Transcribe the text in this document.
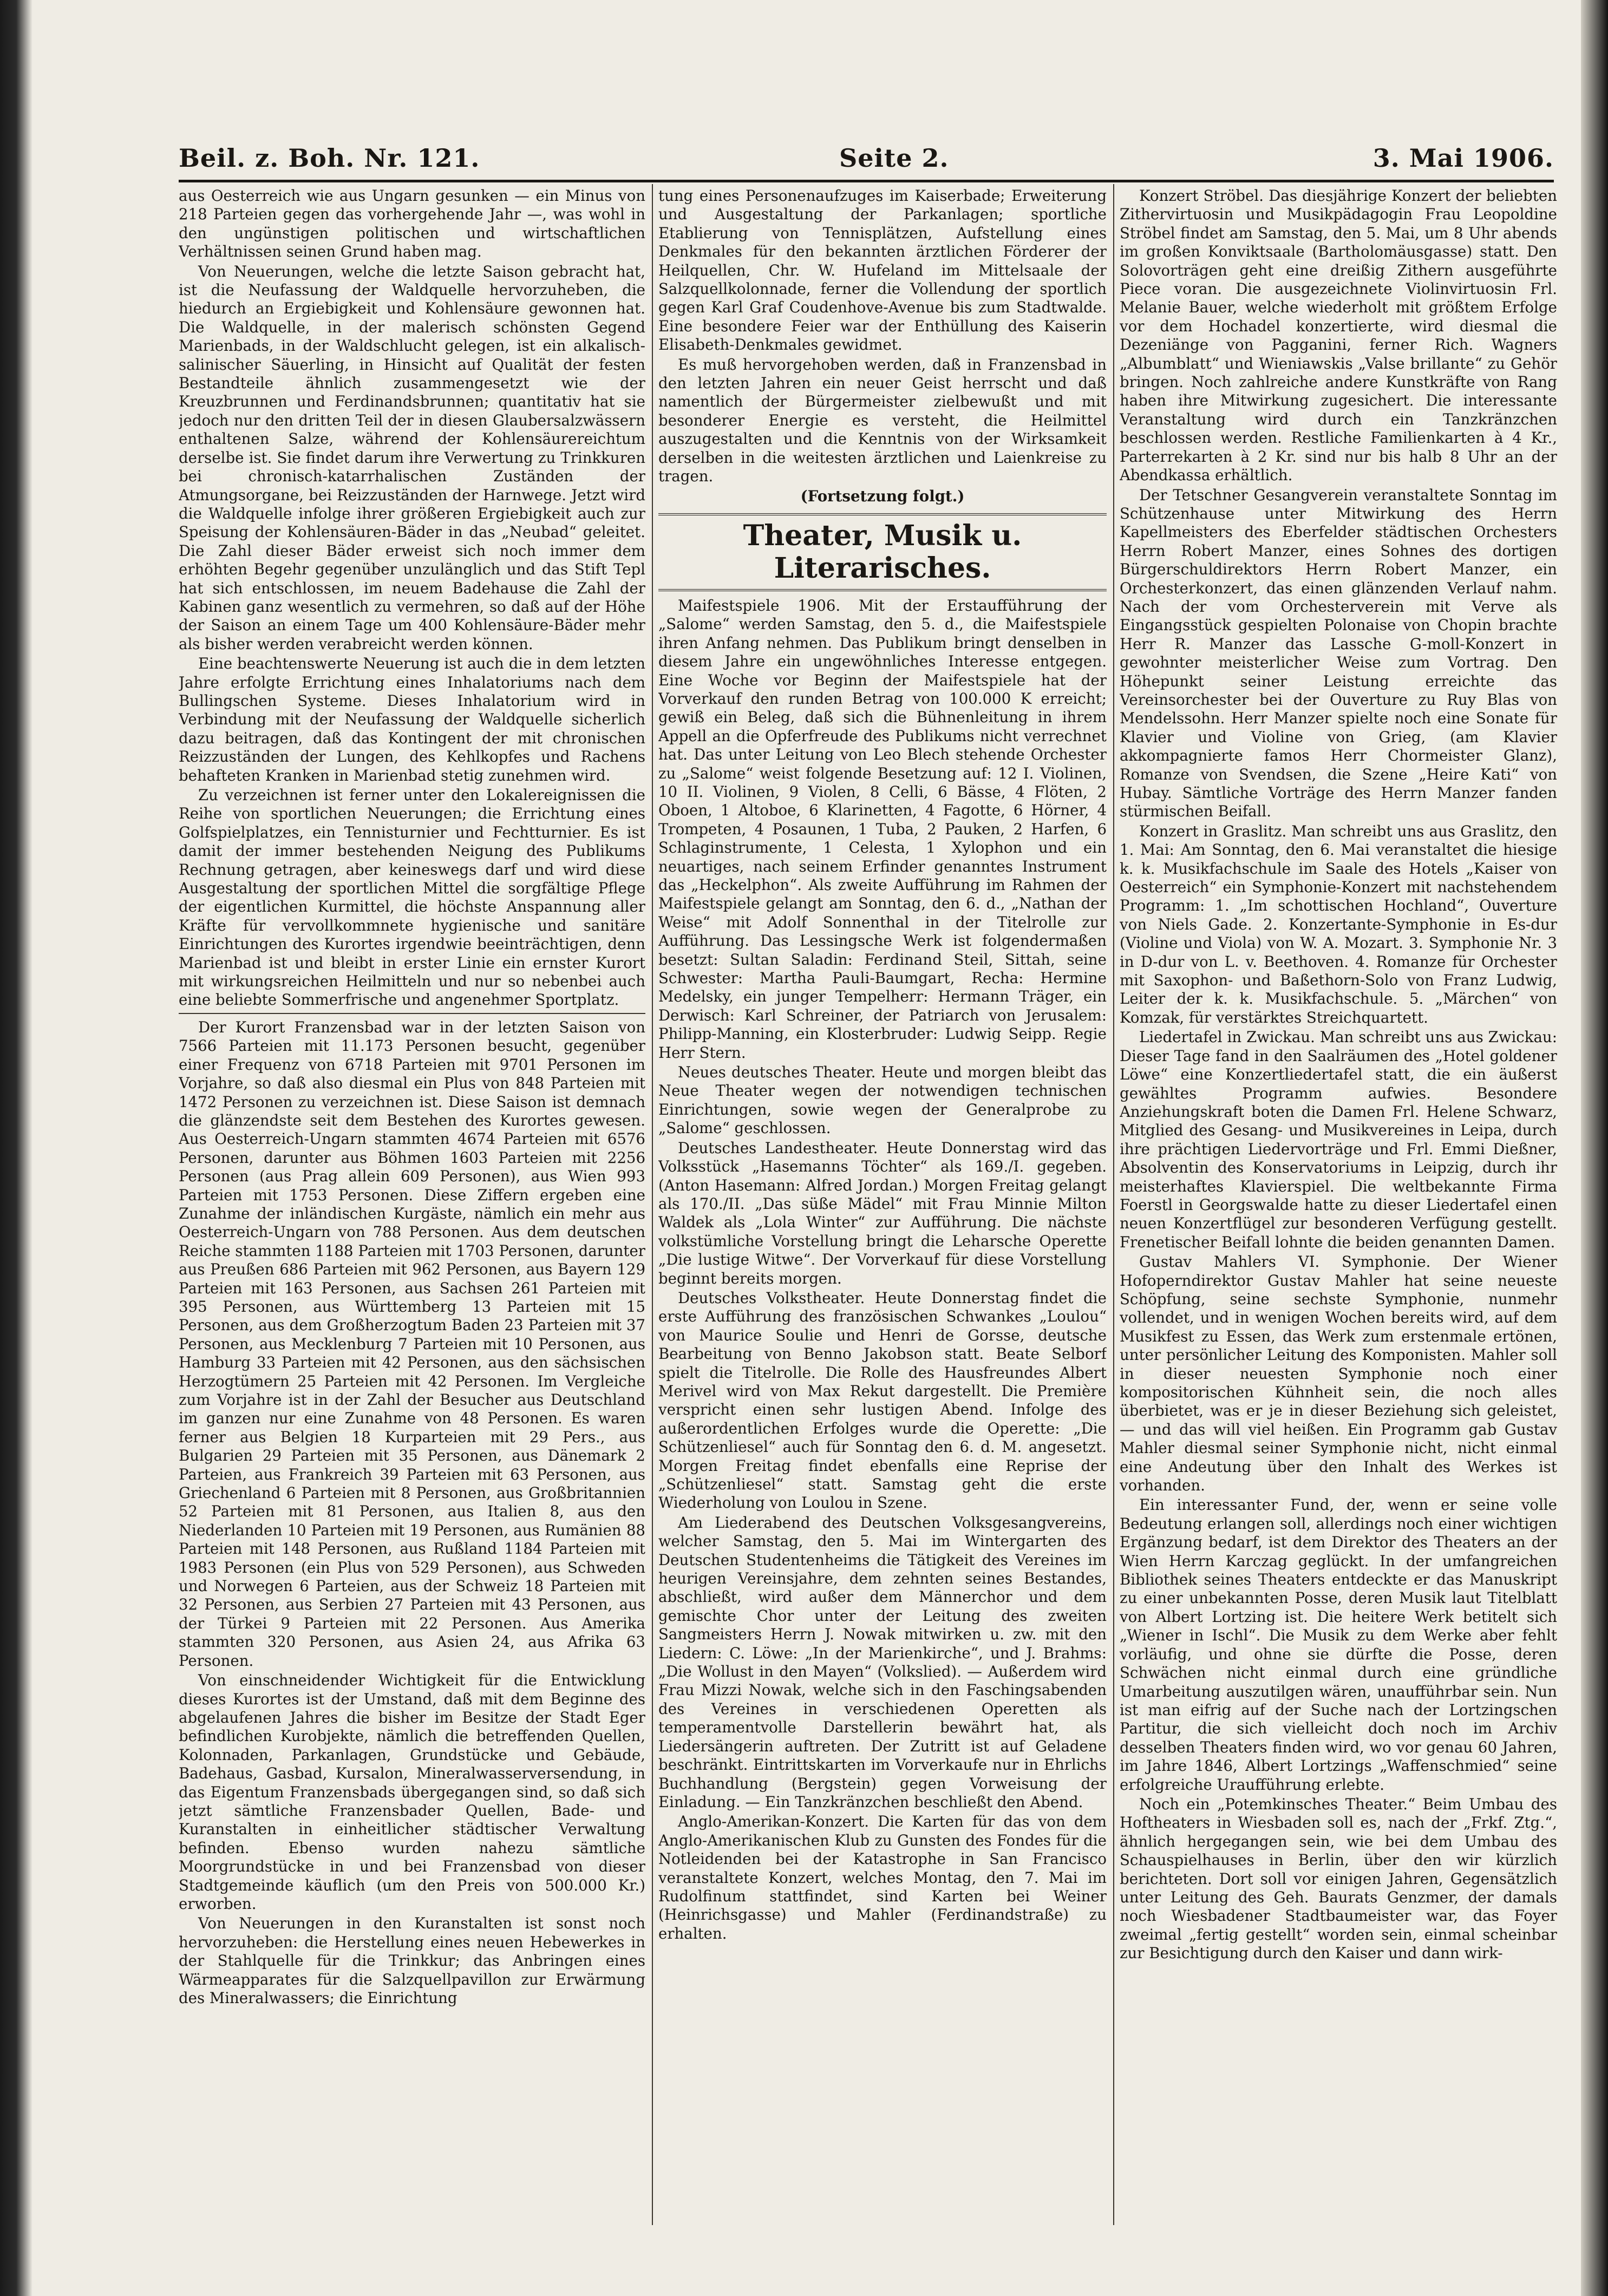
Beil. z. Boh. Nr. 121.	Seite 2.	3. Mai 1906.

aus Oesterreich wie aus Ungarn gesunken — ein Minus von 218 Parteien gegen das vorhergehende Jahr —, was wohl in den ungünstigen politischen und wirtschaftlichen Verhältnissen seinen Grund haben mag.

Von Neuerungen, welche die letzte Saison gebracht hat, ist die Neufassung der Waldquelle hervorzuheben, die hiedurch an Ergiebigkeit und Kohlensäure gewonnen hat. Die Waldquelle, in der malerisch schönsten Gegend Marienbads, in der Waldschlucht gelegen, ist ein alkalisch-salinischer Säuerling, in Hinsicht auf Qualität der festen Bestandteile ähnlich zusammengesetzt wie der Kreuzbrunnen und Ferdinandsbrunnen; quantitativ hat sie jedoch nur den dritten Teil der in diesen Glaubersalzwässern enthaltenen Salze, während der Kohlensäurereichtum derselbe ist. Sie findet darum ihre Verwertung zu Trinkkuren bei chronisch-katarrhalischen Zuständen der Atmungsorgane, bei Reizzuständen der Harnwege. Jetzt wird die Waldquelle infolge ihrer größeren Ergiebigkeit auch zur Speisung der Kohlensäuren-Bäder in das „Neubad“ geleitet. Die Zahl dieser Bäder erweist sich noch immer dem erhöhten Begehr gegenüber unzulänglich und das Stift Tepl hat sich entschlossen, im neuem Badehause die Zahl der Kabinen ganz wesentlich zu vermehren, so daß auf der Höhe der Saison an einem Tage um 400 Kohlensäure-Bäder mehr als bisher werden verabreicht werden können.

Eine beachtenswerte Neuerung ist auch die in dem letzten Jahre erfolgte Errichtung eines Inhalatoriums nach dem Bullingschen Systeme. Dieses Inhalatorium wird in Verbindung mit der Neufassung der Waldquelle sicherlich dazu beitragen, daß das Kontingent der mit chronischen Reizzuständen der Lungen, des Kehlkopfes und Rachens behafteten Kranken in Marienbad stetig zunehmen wird.

Zu verzeichnen ist ferner unter den Lokalereignissen die Reihe von sportlichen Neuerungen; die Errichtung eines Golfspielplatzes, ein Tennisturnier und Fechtturnier. Es ist damit der immer bestehenden Neigung des Publikums Rechnung getragen, aber keineswegs darf und wird diese Ausgestaltung der sportlichen Mittel die sorgfältige Pflege der eigentlichen Kurmittel, die höchste Anspannung aller Kräfte für vervollkommnete hygienische und sanitäre Einrichtungen des Kurortes irgendwie beeinträchtigen, denn Marienbad ist und bleibt in erster Linie ein ernster Kurort mit wirkungsreichen Heilmitteln und nur so nebenbei auch eine beliebte Sommerfrische und angenehmer Sportplatz.

Der Kurort Franzensbad war in der letzten Saison von 7566 Parteien mit 11.173 Personen besucht, gegenüber einer Frequenz von 6718 Parteien mit 9701 Personen im Vorjahre, so daß also diesmal ein Plus von 848 Parteien mit 1472 Personen zu verzeichnen ist. Diese Saison ist demnach die glänzendste seit dem Bestehen des Kurortes gewesen. Aus Oesterreich-Ungarn stammten 4674 Parteien mit 6576 Personen, darunter aus Böhmen 1603 Parteien mit 2256 Personen (aus Prag allein 609 Personen), aus Wien 993 Parteien mit 1753 Personen. Diese Ziffern ergeben eine Zunahme der inländischen Kurgäste, nämlich ein mehr aus Oesterreich-Ungarn von 788 Personen. Aus dem deutschen Reiche stammten 1188 Parteien mit 1703 Personen, darunter aus Preußen 686 Parteien mit 962 Personen, aus Bayern 129 Parteien mit 163 Personen, aus Sachsen 261 Parteien mit 395 Personen, aus Württemberg 13 Parteien mit 15 Personen, aus dem Großherzogtum Baden 23 Parteien mit 37 Personen, aus Mecklenburg 7 Parteien mit 10 Personen, aus Hamburg 33 Parteien mit 42 Personen, aus den sächsischen Herzogtümern 25 Parteien mit 42 Personen. Im Vergleiche zum Vorjahre ist in der Zahl der Besucher aus Deutschland im ganzen nur eine Zunahme von 48 Personen. Es waren ferner aus Belgien 18 Kurparteien mit 29 Pers., aus Bulgarien 29 Parteien mit 35 Personen, aus Dänemark 2 Parteien, aus Frankreich 39 Parteien mit 63 Personen, aus Griechenland 6 Parteien mit 8 Personen, aus Großbritannien 52 Parteien mit 81 Personen, aus Italien 8, aus den Niederlanden 10 Parteien mit 19 Personen, aus Rumänien 88 Parteien mit 148 Personen, aus Rußland 1184 Parteien mit 1983 Personen (ein Plus von 529 Personen), aus Schweden und Norwegen 6 Parteien, aus der Schweiz 18 Parteien mit 32 Personen, aus Serbien 27 Parteien mit 43 Personen, aus der Türkei 9 Parteien mit 22 Personen. Aus Amerika stammten 320 Personen, aus Asien 24, aus Afrika 63 Personen.

Von einschneidender Wichtigkeit für die Entwicklung dieses Kurortes ist der Umstand, daß mit dem Beginne des abgelaufenen Jahres die bisher im Besitze der Stadt Eger befindlichen Kurobjekte, nämlich die betreffenden Quellen, Kolonnaden, Parkanlagen, Grundstücke und Gebäude, Badehaus, Gasbad, Kursalon, Mineralwasserversendung, in das Eigentum Franzensbads übergegangen sind, so daß sich jetzt sämtliche Franzensbader Quellen, Bade- und Kuranstalten in einheitlicher städtischer Verwaltung befinden. Ebenso wurden nahezu sämtliche Moorgrundstücke in und bei Franzensbad von dieser Stadtgemeinde käuflich (um den Preis von 500.000 Kr.) erworben.

Von Neuerungen in den Kuranstalten ist sonst noch hervorzuheben: die Herstellung eines neuen Hebewerkes in der Stahlquelle für die Trinkkur; das Anbringen eines Wärmeapparates für die Salzquellpavillon zur Erwärmung des Mineralwassers; die Einrichtung

tung eines Personenaufzuges im Kaiserbade; Erweiterung und Ausgestaltung der Parkanlagen; sportliche Etablierung von Tennisplätzen, Aufstellung eines Denkmales für den bekannten ärztlichen Förderer der Heilquellen, Chr. W. Hufeland im Mittelsaale der Salzquellkolonnade, ferner die Vollendung der sportlich gegen Karl Graf Coudenhove-Avenue bis zum Stadtwalde. Eine besondere Feier war der Enthüllung des Kaiserin Elisabeth-Denkmales gewidmet.

Es muß hervorgehoben werden, daß in Franzensbad in den letzten Jahren ein neuer Geist herrscht und daß namentlich der Bürgermeister zielbewußt und mit besonderer Energie es versteht, die Heilmittel auszugestalten und die Kenntnis von der Wirksamkeit derselben in die weitesten ärztlichen und Laienkreise zu tragen.

(Fortsetzung folgt.)

Theater, Musik u. Literarisches.

Maifestspiele 1906. Mit der Erstaufführung der „Salome“ werden Samstag, den 5. d., die Maifestspiele ihren Anfang nehmen. Das Publikum bringt denselben in diesem Jahre ein ungewöhnliches Interesse entgegen. Eine Woche vor Beginn der Maifestspiele hat der Vorverkauf den runden Betrag von 100.000 K erreicht; gewiß ein Beleg, daß sich die Bühnenleitung in ihrem Appell an die Opferfreude des Publikums nicht verrechnet hat. Das unter Leitung von Leo Blech stehende Orchester zu „Salome“ weist folgende Besetzung auf: 12 I. Violinen, 10 II. Violinen, 9 Violen, 8 Celli, 6 Bässe, 4 Flöten, 2 Oboen, 1 Altoboe, 6 Klarinetten, 4 Fagotte, 6 Hörner, 4 Trompeten, 4 Posaunen, 1 Tuba, 2 Pauken, 2 Harfen, 6 Schlaginstrumente, 1 Celesta, 1 Xylophon und ein neuartiges, nach seinem Erfinder genanntes Instrument das „Heckelphon“. Als zweite Aufführung im Rahmen der Maifestspiele gelangt am Sonntag, den 6. d., „Nathan der Weise“ mit Adolf Sonnenthal in der Titelrolle zur Aufführung. Das Lessingsche Werk ist folgendermaßen besetzt: Sultan Saladin: Ferdinand Steil, Sittah, seine Schwester: Martha Pauli-Baumgart, Recha: Hermine Medelsky, ein junger Tempelherr: Hermann Träger, ein Derwisch: Karl Schreiner, der Patriarch von Jerusalem: Philipp-Manning, ein Klosterbruder: Ludwig Seipp. Regie Herr Stern.

Neues deutsches Theater. Heute und morgen bleibt das Neue Theater wegen der notwendigen technischen Einrichtungen, sowie wegen der Generalprobe zu „Salome“ geschlossen.

Deutsches Landestheater. Heute Donnerstag wird das Volksstück „Hasemanns Töchter“ als 169./I. gegeben. (Anton Hasemann: Alfred Jordan.) Morgen Freitag gelangt als 170./II. „Das süße Mädel“ mit Frau Minnie Milton Waldek als „Lola Winter“ zur Aufführung. Die nächste volkstümliche Vorstellung bringt die Leharsche Operette „Die lustige Witwe“. Der Vorverkauf für diese Vorstellung beginnt bereits morgen.

Deutsches Volkstheater. Heute Donnerstag findet die erste Aufführung des französischen Schwankes „Loulou“ von Maurice Soulie und Henri de Gorsse, deutsche Bearbeitung von Benno Jakobson statt. Beate Selborf spielt die Titelrolle. Die Rolle des Hausfreundes Albert Merivel wird von Max Rekut dargestellt. Die Première verspricht einen sehr lustigen Abend. Infolge des außerordentlichen Erfolges wurde die Operette: „Die Schützenliesel“ auch für Sonntag den 6. d. M. angesetzt. Morgen Freitag findet ebenfalls eine Reprise der „Schützenliesel“ statt. Samstag geht die erste Wiederholung von Loulou in Szene.

Am Liederabend des Deutschen Volksgesangvereins, welcher Samstag, den 5. Mai im Wintergarten des Deutschen Studentenheims die Tätigkeit des Vereines im heurigen Vereinsjahre, dem zehnten seines Bestandes, abschließt, wird außer dem Männerchor und dem gemischte Chor unter der Leitung des zweiten Sangmeisters Herrn J. Nowak mitwirken u. zw. mit den Liedern: C. Löwe: „In der Marienkirche“, und J. Brahms: „Die Wollust in den Mayen“ (Volkslied). — Außerdem wird Frau Mizzi Nowak, welche sich in den Faschingsabenden des Vereines in verschiedenen Operetten als temperamentvolle Darstellerin bewährt hat, als Liedersängerin auftreten. Der Zutritt ist auf Geladene beschränkt. Eintrittskarten im Vorverkaufe nur in Ehrlichs Buchhandlung (Bergstein) gegen Vorweisung der Einladung. — Ein Tanzkränzchen beschließt den Abend.

Anglo-Amerikan-Konzert. Die Karten für das von dem Anglo-Amerikanischen Klub zu Gunsten des Fondes für die Notleidenden bei der Katastrophe in San Francisco veranstaltete Konzert, welches Montag, den 7. Mai im Rudolfinum stattfindet, sind Karten bei Weiner (Heinrichsgasse) und Mahler (Ferdinandstraße) zu erhalten.

Konzert Ströbel. Das diesjährige Konzert der beliebten Zithervirtuosin und Musikpädagogin Frau Leopoldine Ströbel findet am Samstag, den 5. Mai, um 8 Uhr abends im großen Konviktsaale (Bartholomäusgasse) statt. Den Solovorträgen geht eine dreißig Zithern ausgeführte Piece voran. Die ausgezeichnete Violinvirtuosin Frl. Melanie Bauer, welche wiederholt mit größtem Erfolge vor dem Hochadel konzertierte, wird diesmal die Dezeniänge von Pagganini, ferner Rich. Wagners „Albumblatt“ und Wieniawskis „Valse brillante“ zu Gehör bringen. Noch zahlreiche andere Kunstkräfte von Rang haben ihre Mitwirkung zugesichert. Die interessante Veranstaltung wird durch ein Tanzkränzchen beschlossen werden. Restliche Familienkarten à 4 Kr., Parterrekarten à 2 Kr. sind nur bis halb 8 Uhr an der Abendkassa erhältlich.

Der Tetschner Gesangverein veranstaltete Sonntag im Schützenhause unter Mitwirkung des Herrn Kapellmeisters des Eberfelder städtischen Orchesters Herrn Robert Manzer, eines Sohnes des dortigen Bürgerschuldirektors Herrn Robert Manzer, ein Orchesterkonzert, das einen glänzenden Verlauf nahm. Nach der vom Orchesterverein mit Verve als Eingangsstück gespielten Polonaise von Chopin brachte Herr R. Manzer das Lassche G-moll-Konzert in gewohnter meisterlicher Weise zum Vortrag. Den Höhepunkt seiner Leistung erreichte das Vereinsorchester bei der Ouverture zu Ruy Blas von Mendelssohn. Herr Manzer spielte noch eine Sonate für Klavier und Violine von Grieg, (am Klavier akkompagnierte famos Herr Chormeister Glanz), Romanze von Svendsen, die Szene „Heire Kati“ von Hubay. Sämtliche Vorträge des Herrn Manzer fanden stürmischen Beifall.

Konzert in Graslitz. Man schreibt uns aus Graslitz, den 1. Mai: Am Sonntag, den 6. Mai veranstaltet die hiesige k. k. Musikfachschule im Saale des Hotels „Kaiser von Oesterreich“ ein Symphonie-Konzert mit nachstehendem Programm: 1. „Im schottischen Hochland“, Ouverture von Niels Gade. 2. Konzertante-Symphonie in Es-dur (Violine und Viola) von W. A. Mozart. 3. Symphonie Nr. 3 in D-dur von L. v. Beethoven. 4. Romanze für Orchester mit Saxophon- und Baßethorn-Solo von Franz Ludwig, Leiter der k. k. Musikfachschule. 5. „Märchen“ von Komzak, für verstärktes Streichquartett.

Liedertafel in Zwickau. Man schreibt uns aus Zwickau: Dieser Tage fand in den Saalräumen des „Hotel goldener Löwe“ eine Konzertliedertafel statt, die ein äußerst gewähltes Programm aufwies. Besondere Anziehungskraft boten die Damen Frl. Helene Schwarz, Mitglied des Gesang- und Musikvereines in Leipa, durch ihre prächtigen Liedervorträge und Frl. Emmi Dießner, Absolventin des Konservatoriums in Leipzig, durch ihr meisterhaftes Klavierspiel. Die weltbekannte Firma Foerstl in Georgswalde hatte zu dieser Liedertafel einen neuen Konzertflügel zur besonderen Verfügung gestellt. Frenetischer Beifall lohnte die beiden genannten Damen.

Gustav Mahlers VI. Symphonie. Der Wiener Hofoperndirektor Gustav Mahler hat seine neueste Schöpfung, seine sechste Symphonie, nunmehr vollendet, und in wenigen Wochen bereits wird, auf dem Musikfest zu Essen, das Werk zum erstenmale ertönen, unter persönlicher Leitung des Komponisten. Mahler soll in dieser neuesten Symphonie noch einer kompositorischen Kühnheit sein, die noch alles überbietet, was er je in dieser Beziehung sich geleistet, — und das will viel heißen. Ein Programm gab Gustav Mahler diesmal seiner Symphonie nicht, nicht einmal eine Andeutung über den Inhalt des Werkes ist vorhanden.

Ein interessanter Fund, der, wenn er seine volle Bedeutung erlangen soll, allerdings noch einer wichtigen Ergänzung bedarf, ist dem Direktor des Theaters an der Wien Herrn Karczag geglückt. In der umfangreichen Bibliothek seines Theaters entdeckte er das Manuskript zu einer unbekannten Posse, deren Musik laut Titelblatt von Albert Lortzing ist. Die heitere Werk betitelt sich „Wiener in Ischl“. Die Musik zu dem Werke aber fehlt vorläufig, und ohne sie dürfte die Posse, deren Schwächen nicht einmal durch eine gründliche Umarbeitung auszutilgen wären, unaufführbar sein. Nun ist man eifrig auf der Suche nach der Lortzingschen Partitur, die sich vielleicht doch noch im Archiv desselben Theaters finden wird, wo vor genau 60 Jahren, im Jahre 1846, Albert Lortzings „Waffenschmied“ seine erfolgreiche Uraufführung erlebte.

Noch ein „Potemkinsches Theater.“ Beim Umbau des Hoftheaters in Wiesbaden soll es, nach der „Frkf. Ztg.“, ähnlich hergegangen sein, wie bei dem Umbau des Schauspielhauses in Berlin, über den wir kürzlich berichteten. Dort soll vor einigen Jahren, Gegensätzlich unter Leitung des Geh. Baurats Genzmer, der damals noch Wiesbadener Stadtbaumeister war, das Foyer zweimal „fertig gestellt“ worden sein, einmal scheinbar zur Besichtigung durch den Kaiser und dann wirk-
